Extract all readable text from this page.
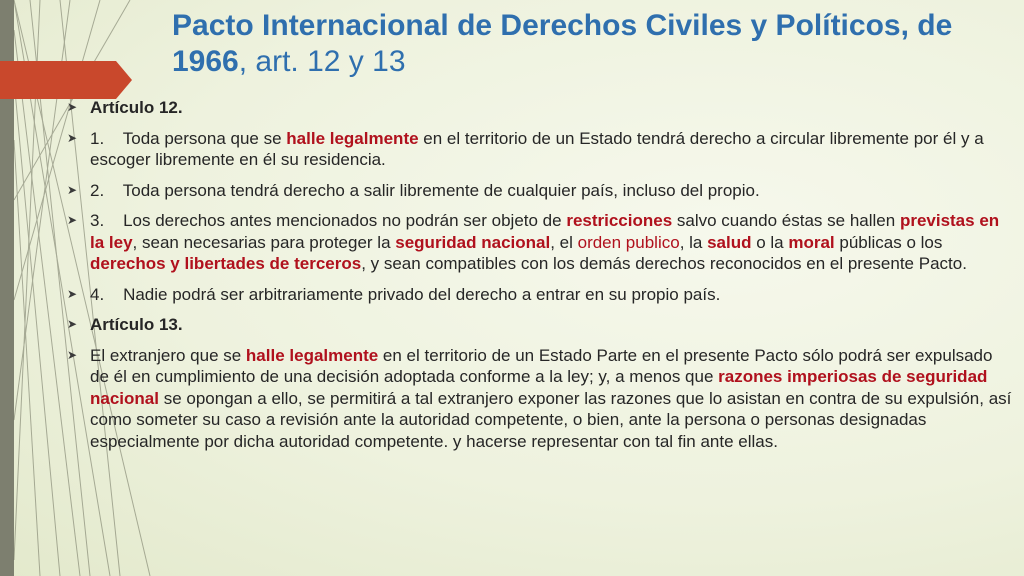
Pacto Internacional de Derechos Civiles y Políticos, de 1966, art. 12 y 13
➤ Artículo 12.
➤ 1.    Toda persona que se halle legalmente en el territorio de un Estado tendrá derecho a circular libremente por él y a escoger libremente en él su residencia.
➤ 2.    Toda persona tendrá derecho a salir libremente de cualquier país, incluso del propio.
➤ 3.    Los derechos antes mencionados no podrán ser objeto de restricciones salvo cuando éstas se hallen previstas en la ley, sean necesarias para proteger la seguridad nacional, el orden publico, la salud o la moral públicas o los derechos y libertades de terceros, y sean compatibles con los demás derechos reconocidos en el presente Pacto.
➤ 4.    Nadie podrá ser arbitrariamente privado del derecho a entrar en su propio país.
➤ Artículo 13.
➤ El extranjero que se halle legalmente en el territorio de un Estado Parte en el presente Pacto sólo podrá ser expulsado de él en cumplimiento de una decisión adoptada conforme a la ley; y, a menos que razones imperiosas de seguridad nacional se opongan a ello, se permitirá a tal extranjero exponer las razones que lo asistan en contra de su expulsión, así como someter su caso a revisión ante la autoridad competente, o bien, ante la persona o personas designadas especialmente por dicha autoridad competente. y hacerse representar con tal fin ante ellas.
